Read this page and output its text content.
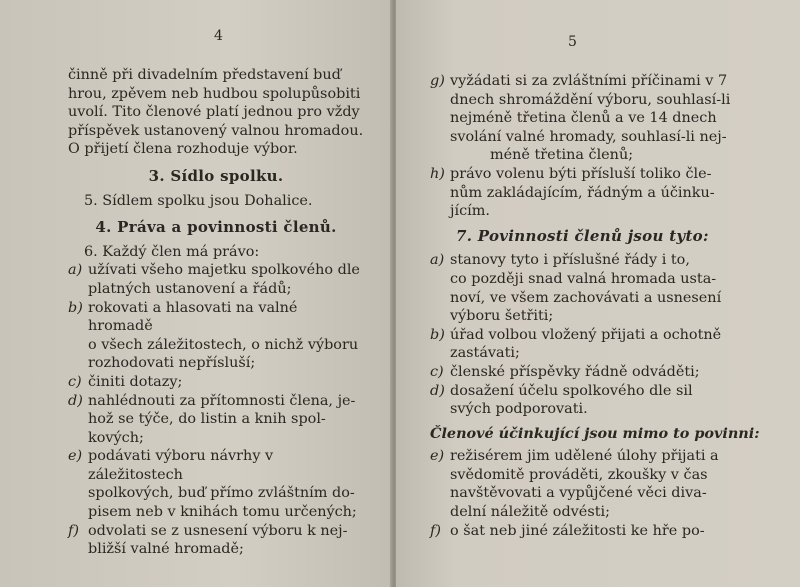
4

činně při divadelním představení buď

hrou, zpěvem neb hudbou spolupůsobiti

uvolí. Tito členové platí jednou pro vždy

příspěvek ustanovený valnou hromadou.

O přijetí člena rozhoduje výbor.

3. Sídlo spolku.

5. Sídlem spolku jsou Dohalice.

4. Práva a povinnosti členů.

6. Každý člen má právo:

a) užívati všeho majetku spolkového dle

platných ustanovení a řádů;

b) rokovati a hlasovati na valné hromadě

o všech záležitostech, o nichž výboru

rozhodovati nepřísluší;

c) činiti dotazy;

d) nahlédnouti za přítomnosti člena, je-

hož se týče, do listin a knih spol-

kových;

e) podávati výboru návrhy v záležitostech

spolkových, buď přímo zvláštním do-

pisem neb v knihách tomu určených;

f) odvolati se z usnesení výboru k nej-

bližší valné hromadě;

5
g) vyžádati si za zvláštními příčinami v 7

dnech shromáždění výboru, souhlasí-li

nejméně třetina členů a ve 14 dnech

svolání valné hromady, souhlasí-li nej-

méně třetina členů;

h) právo volenu býti přísluší toliko čle-

nům zakládajícím, řádným a účinku-

jícím.

7. Povinnosti členů jsou tyto:

a) stanovy tyto i příslušné řády i to,

co později snad valná hromada usta-

noví, ve všem zachovávati a usnesení

výboru šetřiti;

b) úřad volbou vložený přijati a ochotně

zastávati;

c) členské příspěvky řádně odváděti;

d) dosažení účelu spolkového dle sil

svých podporovati.

Členové účinkující jsou mimo to povinni:

e) režisérem jim udělené úlohy přijati a

svědomitě prováděti, zkoušky v čas

navštěvovati a vypůjčené věci diva-

delní náležitě odvésti;

f) o šat neb jiné záležitosti ke hře po-
